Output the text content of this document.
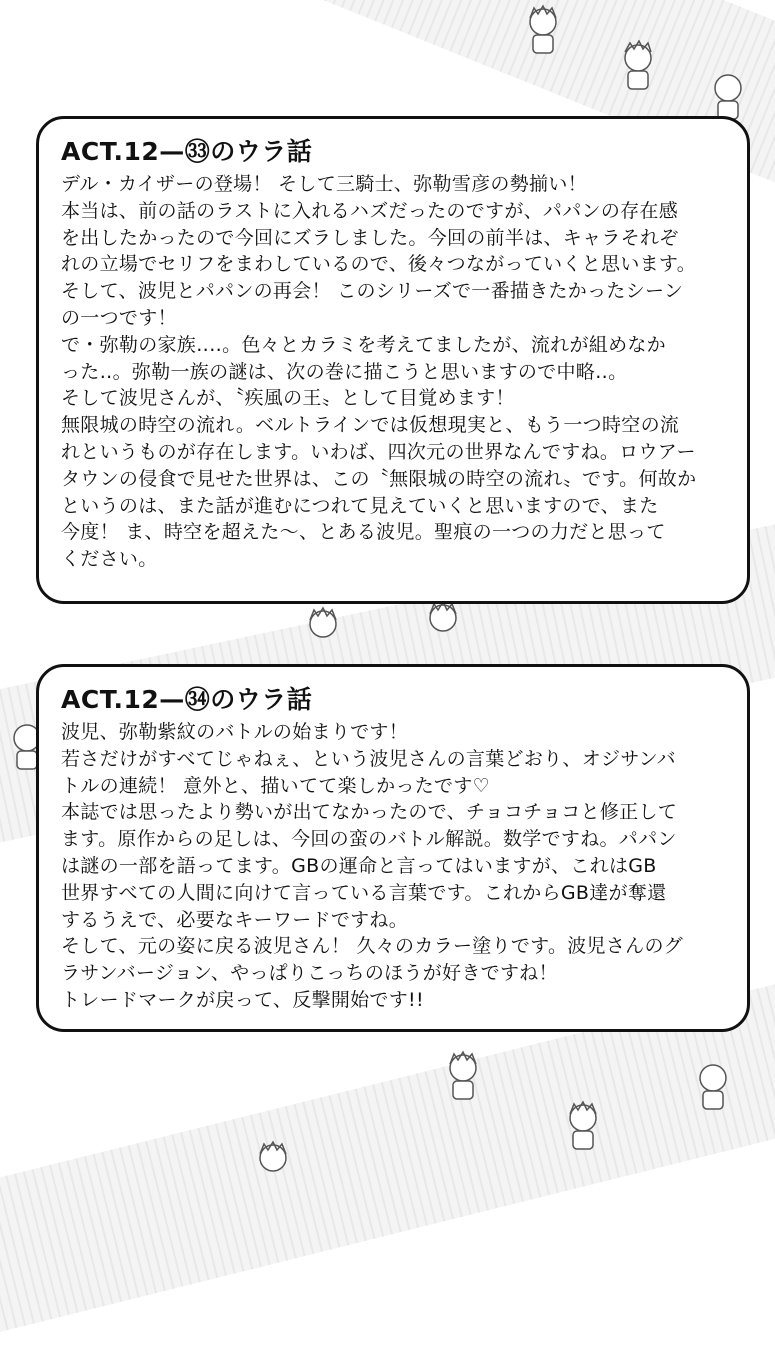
ACT.12—㉝のウラ話
デル・カイザーの登場！ そして三騎士、弥勒雪彦の勢揃い！
本当は、前の話のラストに入れるハズだったのですが、パパンの存在感
を出したかったので今回にズラしました。今回の前半は、キャラそれぞ
れの立場でセリフをまわしているので、後々つながっていくと思います。
そして、波児とパパンの再会！ このシリーズで一番描きたかったシーン
の一つです！
で・弥勒の家族‥‥。色々とカラミを考えてましたが、流れが組めなか
った‥。弥勒一族の謎は、次の巻に描こうと思いますので中略‥。
そして波児さんが、〝疾風の王〟として目覚めます！
無限城の時空の流れ。ベルトラインでは仮想現実と、もう一つ時空の流
れというものが存在します。いわば、四次元の世界なんですね。ロウアー
タウンの侵食で見せた世界は、この〝無限城の時空の流れ〟です。何故か
というのは、また話が進むにつれて見えていくと思いますので、また
今度！ ま、時空を超えた〜、とある波児。聖痕の一つの力だと思って
ください。
ACT.12—㉞のウラ話
波児、弥勒紫紋のバトルの始まりです！
若さだけがすべてじゃねぇ、という波児さんの言葉どおり、オジサンバ
トルの連続！ 意外と、描いてて楽しかったです♡
本誌では思ったより勢いが出てなかったので、チョコチョコと修正して
ます。原作からの足しは、今回の蛮のバトル解説。数学ですね。パパン
は謎の一部を語ってます。GBの運命と言ってはいますが、これはGB
世界すべての人間に向けて言っている言葉です。これからGB達が奪還
するうえで、必要なキーワードですね。
そして、元の姿に戻る波児さん！ 久々のカラー塗りです。波児さんのグ
ラサンバージョン、やっぱりこっちのほうが好きですね！
トレードマークが戻って、反撃開始です!!
